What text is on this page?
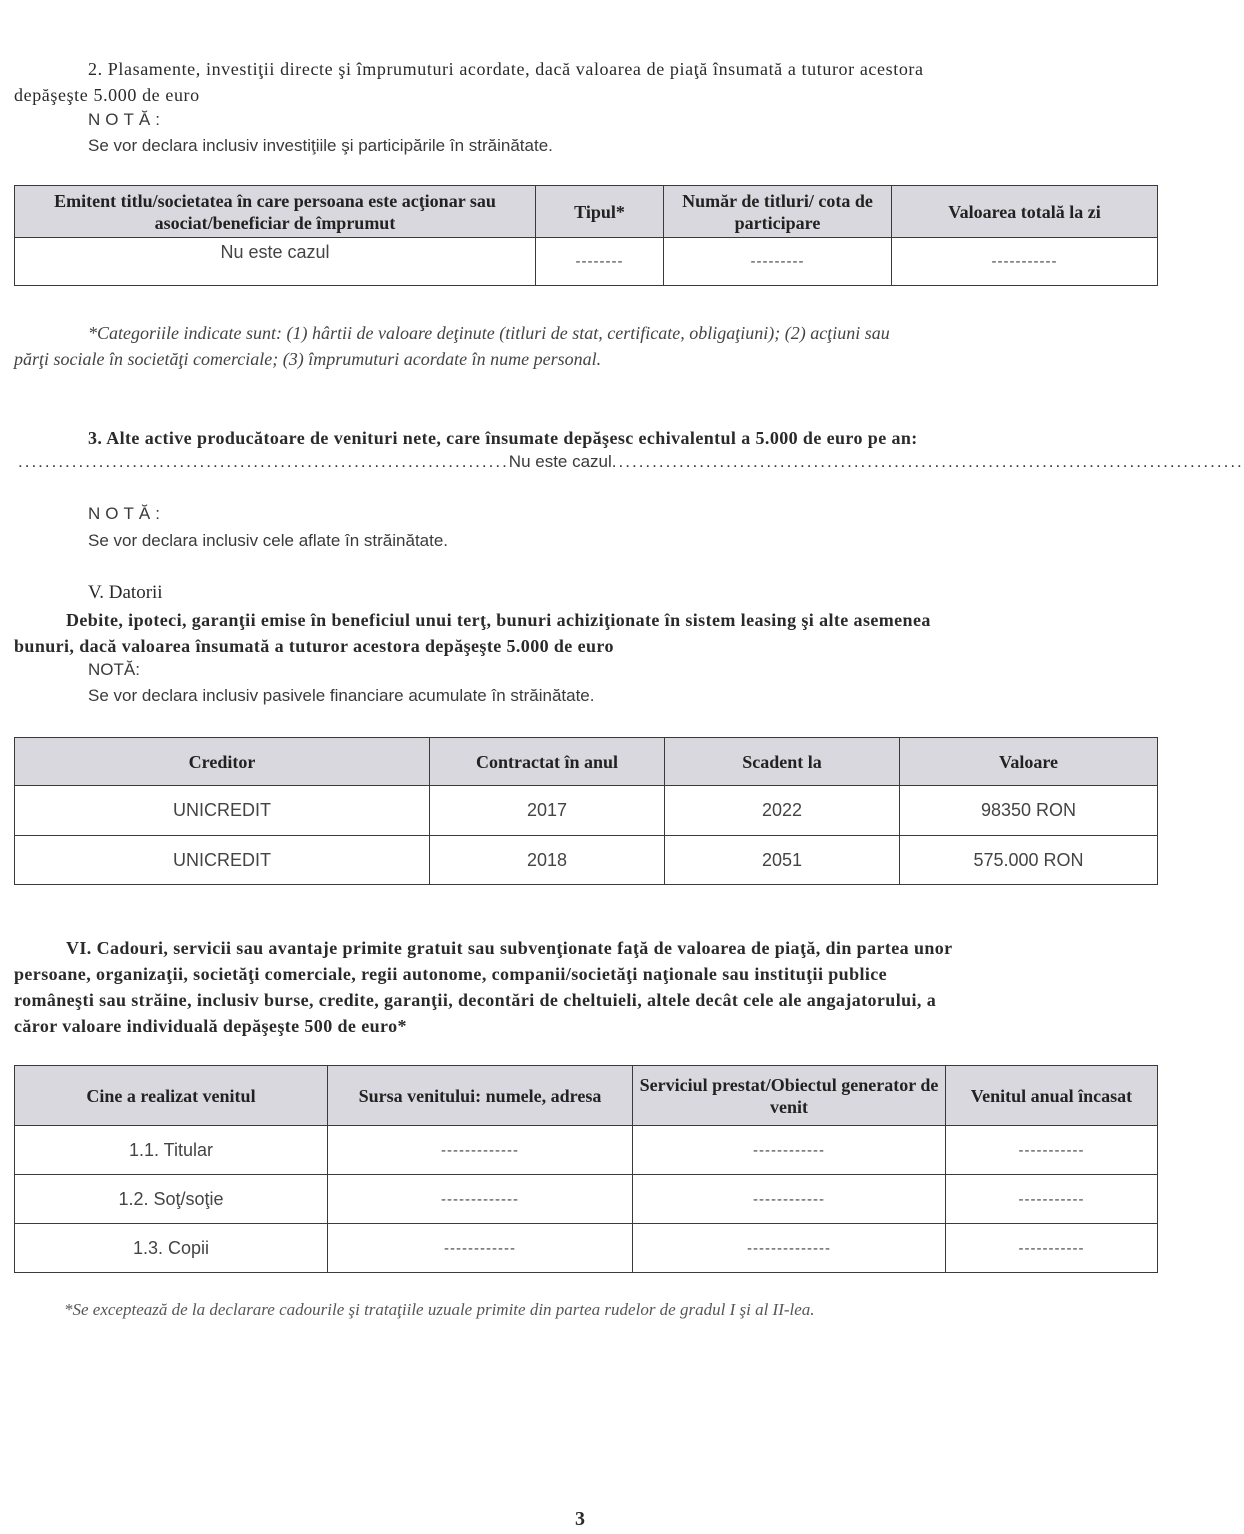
2. Plasamente, investiţii directe şi împrumuturi acordate, dacă valoarea de piaţă însumată a tuturor acestora
depăşeşte 5.000 de euro
NOTĂ:
Se vor declara inclusiv investiţiile şi participările în străinătate.
Emitent titlu/societatea în care persoana este acţionar sau asociat/beneficiar de împrumut	Tipul*	Număr de titluri/ cota de participare	Valoarea totală la zi
Nu este cazul	--------	---------	-----------
*Categoriile indicate sunt: (1) hârtii de valoare deţinute (titluri de stat, certificate, obligaţiuni); (2) acţiuni sau
părţi sociale în societăţi comerciale; (3) împrumuturi acordate în nume personal.
3. Alte active producătoare de venituri nete, care însumate depăşesc echivalentul a 5.000 de euro pe an:
.........................................................................Nu este cazul..............................................................................................
NOTĂ:
Se vor declara inclusiv cele aflate în străinătate.
V. Datorii
Debite, ipoteci, garanţii emise în beneficiul unui terţ, bunuri achiziţionate în sistem leasing şi alte asemenea
bunuri, dacă valoarea însumată a tuturor acestora depăşeşte 5.000 de euro
NOTĂ:
Se vor declara inclusiv pasivele financiare acumulate în străinătate.
Creditor	Contractat în anul	Scadent la	Valoare
UNICREDIT	2017	2022	98350 RON
UNICREDIT	2018	2051	575.000 RON
VI. Cadouri, servicii sau avantaje primite gratuit sau subvenţionate faţă de valoarea de piaţă, din partea unor
persoane, organizaţii, societăţi comerciale, regii autonome, companii/societăţi naţionale sau instituţii publice
româneşti sau străine, inclusiv burse, credite, garanţii, decontări de cheltuieli, altele decât cele ale angajatorului, a
căror valoare individuală depăşeşte 500 de euro*
Cine a realizat venitul	Sursa venitului: numele, adresa	Serviciul prestat/Obiectul generator de venit	Venitul anual încasat
1.1. Titular	-------------	------------	-----------
1.2. Soţ/soţie	-------------	------------	-----------
1.3. Copii	------------	--------------	-----------
*Se exceptează de la declarare cadourile şi trataţiile uzuale primite din partea rudelor de gradul I şi al II-lea.
3
